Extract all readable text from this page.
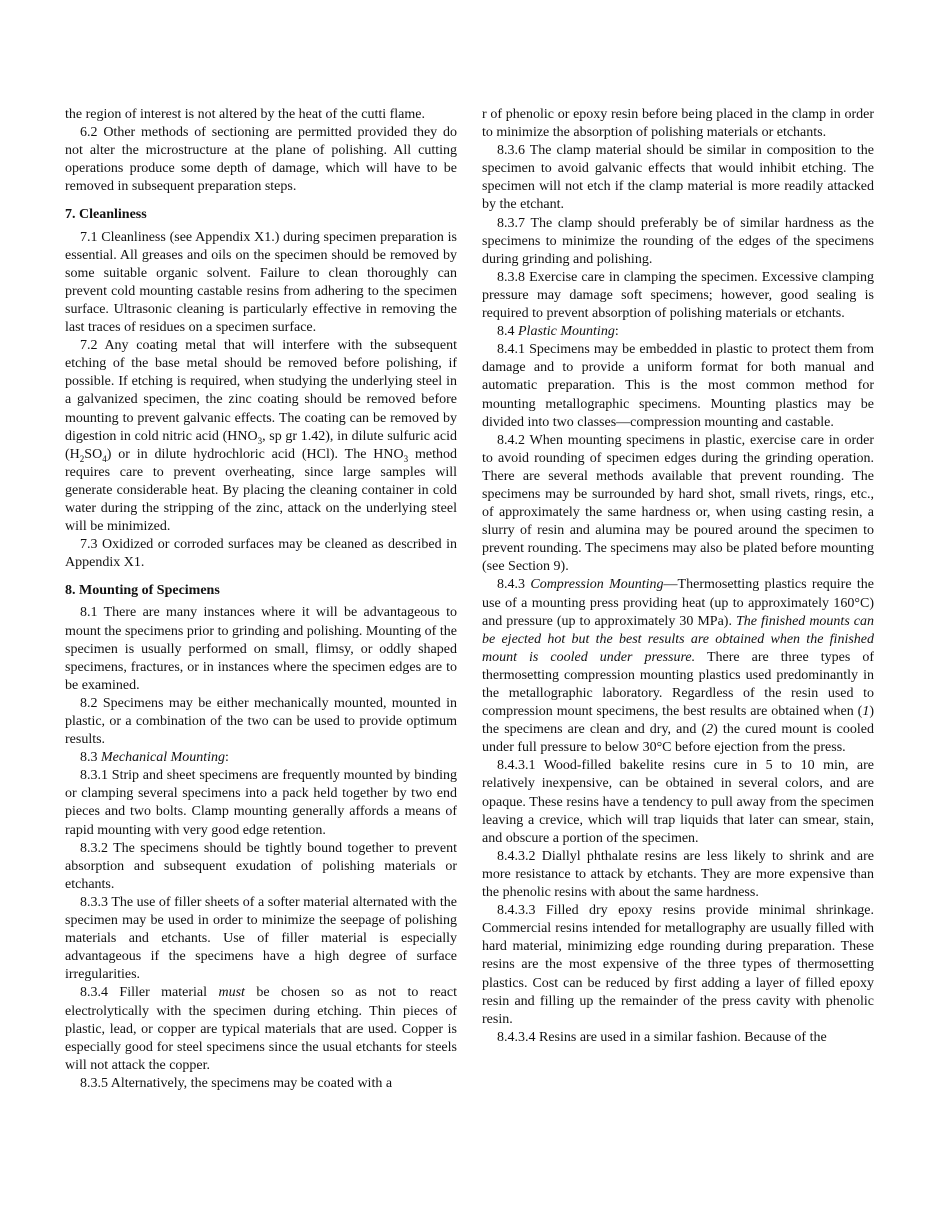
the region of interest is not altered by the heat of the cutti flame.

6.2 Other methods of sectioning are permitted provided they do not alter the microstructure at the plane of polishing. All cutting operations produce some depth of damage, which will have to be removed in subsequent preparation steps.

7. Cleanliness

7.1 Cleanliness (see Appendix X1.) during specimen preparation is essential. All greases and oils on the specimen should be removed by some suitable organic solvent. Failure to clean thoroughly can prevent cold mounting castable resins from adhering to the specimen surface. Ultrasonic cleaning is particularly effective in removing the last traces of residues on a specimen surface.

7.2 Any coating metal that will interfere with the subsequent etching of the base metal should be removed before polishing, if possible. If etching is required, when studying the underlying steel in a galvanized specimen, the zinc coating should be removed before mounting to prevent galvanic effects. The coating can be removed by digestion in cold nitric acid ($HNO_3$, sp gr 1.42), in dilute sulfuric acid $(H_2SO_4)$ or in dilute hydrochloric acid (HCl). The $HNO_3$ method requires care to prevent overheating, since large samples will generate considerable heat. By placing the cleaning container in cold water during the stripping of the zinc, attack on the underlying steel will be minimized.

7.3 Oxidized or corroded surfaces may be cleaned as described in Appendix X1.

8. Mounting of Specimens

8.1 There are many instances where it will be advantageous to mount the specimens prior to grinding and polishing. Mounting of the specimen is usually performed on small, flimsy, or oddly shaped specimens, fractures, or in instances where the specimen edges are to be examined.

8.2 Specimens may be either mechanically mounted, mounted in plastic, or a combination of the two can be used to provide optimum results.

8.3 Mechanical Mounting:

8.3.1 Strip and sheet specimens are frequently mounted by binding or clamping several specimens into a pack held together by two end pieces and two bolts. Clamp mounting generally affords a means of rapid mounting with very good edge retention.

8.3.2 The specimens should be tightly bound together to prevent absorption and subsequent exudation of polishing materials or etchants.

8.3.3 The use of filler sheets of a softer material alternated with the specimen may be used in order to minimize the seepage of polishing materials and etchants. Use of filler material is especially advantageous if the specimens have a high degree of surface irregularities.

8.3.4 Filler material must be chosen so as not to react electrolytically with the specimen during etching. Thin pieces of plastic, lead, or copper are typical materials that are used. Copper is especially good for steel specimens since the usual etchants for steels will not attack the copper.

8.3.5 Alternatively, the specimens may be coated with a

r of phenolic or epoxy resin before being placed in the clamp in order to minimize the absorption of polishing materials or etchants.

8.3.6 The clamp material should be similar in composition to the specimen to avoid galvanic effects that would inhibit etching. The specimen will not etch if the clamp material is more readily attacked by the etchant.

8.3.7 The clamp should preferably be of similar hardness as the specimens to minimize the rounding of the edges of the specimens during grinding and polishing.

8.3.8 Exercise care in clamping the specimen. Excessive clamping pressure may damage soft specimens; however, good sealing is required to prevent absorption of polishing materials or etchants.

8.4 Plastic Mounting:

8.4.1 Specimens may be embedded in plastic to protect them from damage and to provide a uniform format for both manual and automatic preparation. This is the most common method for mounting metallographic specimens. Mounting plastics may be divided into two classes—compression mounting and castable.

8.4.2 When mounting specimens in plastic, exercise care in order to avoid rounding of specimen edges during the grinding operation. There are several methods available that prevent rounding. The specimens may be surrounded by hard shot, small rivets, rings, etc., of approximately the same hardness or, when using casting resin, a slurry of resin and alumina may be poured around the specimen to prevent rounding. The specimens may also be plated before mounting (see Section 9).

8.4.3 Compression Mounting—Thermosetting plastics require the use of a mounting press providing heat (up to approximately 160°C) and pressure (up to approximately 30 MPa). The finished mounts can be ejected hot but the best results are obtained when the finished mount is cooled under pressure. There are three types of thermosetting compression mounting plastics used predominantly in the metallographic laboratory. Regardless of the resin used to compression mount specimens, the best results are obtained when (1) the specimens are clean and dry, and (2) the cured mount is cooled under full pressure to below 30°C before ejection from the press.

8.4.3.1 Wood-filled bakelite resins cure in 5 to 10 min, are relatively inexpensive, can be obtained in several colors, and are opaque. These resins have a tendency to pull away from the specimen leaving a crevice, which will trap liquids that later can smear, stain, and obscure a portion of the specimen.

8.4.3.2 Diallyl phthalate resins are less likely to shrink and are more resistance to attack by etchants. They are more expensive than the phenolic resins with about the same hardness.

8.4.3.3 Filled dry epoxy resins provide minimal shrinkage. Commercial resins intended for metallography are usually filled with hard material, minimizing edge rounding during preparation. These resins are the most expensive of the three types of thermosetting plastics. Cost can be reduced by first adding a layer of filled epoxy resin and filling up the remainder of the press cavity with phenolic resin.

8.4.3.4 Resins are used in a similar fashion. Because of the
